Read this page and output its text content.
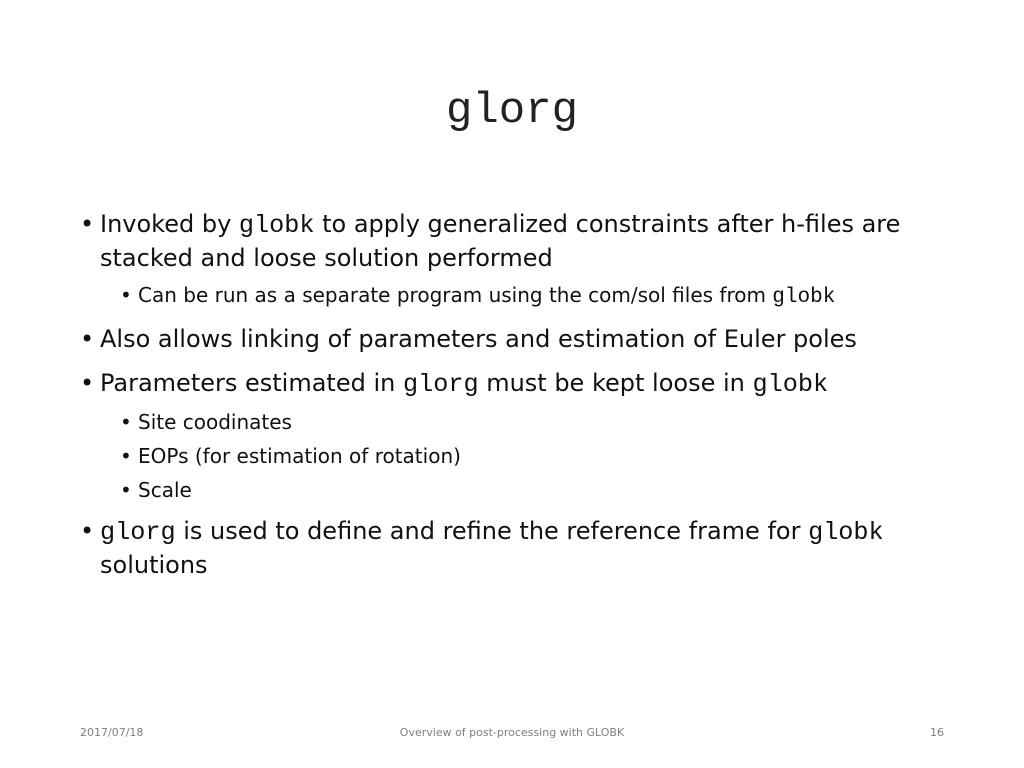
glorg
• Invoked by globk to apply generalized constraints after h-files are stacked and loose solution performed
• Can be run as a separate program using the com/sol files from globk
• Also allows linking of parameters and estimation of Euler poles
• Parameters estimated in glorg must be kept loose in globk
• Site coodinates
• EOPs (for estimation of rotation)
• Scale
• glorg is used to define and refine the reference frame for globk solutions
2017/07/18	Overview of post-processing with GLOBK	16
